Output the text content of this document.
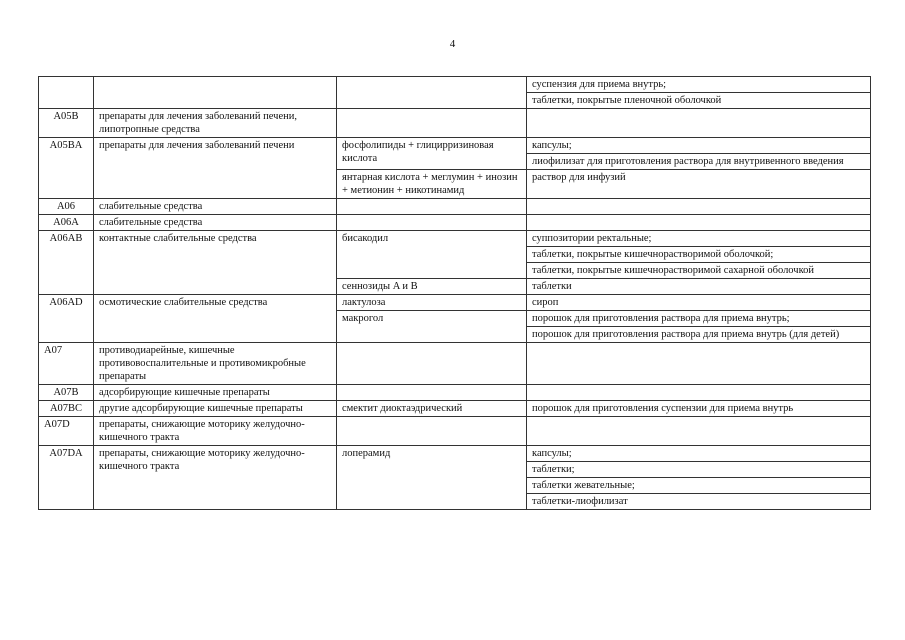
4

			суспензия для приема внутрь;
таблетки, покрытые пленочной оболочкой

A05B	препараты для лечения заболеваний печени, липотропные средства		

A05BA	препараты для лечения заболеваний печени	фосфолипиды + глицирризиновая кислота	капсулы;
лиофилизат для приготовления раствора для внутривенного введения

		янтарная кислота + меглумин + инозин + метионин + никотинамид	раствор для инфузий

A06	слабительные средства		

A06A	слабительные средства		

A06AB	контактные слабительные средства	бисакодил	суппозитории ректальные;
таблетки, покрытые кишечнорастворимой оболочкой;
таблетки, покрытые кишечнорастворимой сахарной оболочкой

		сеннозиды A и B	таблетки

A06AD	осмотические слабительные средства	лактулоза	сироп

		макрогол	порошок для приготовления раствора для приема внутрь;
порошок для приготовления раствора для приема внутрь (для детей)

A07	противодиарейные, кишечные противовоспалительные и противомикробные препараты		

A07B	адсорбирующие кишечные препараты		

A07BC	другие адсорбирующие кишечные препараты	смектит диоктаэдрический	порошок для приготовления суспензии для приема внутрь

A07D	препараты, снижающие моторику желудочно-кишечного тракта		

A07DA	препараты, снижающие моторику желудочно-кишечного тракта	лоперамид	капсулы;
таблетки;
таблетки жевательные;
таблетки-лиофилизат
